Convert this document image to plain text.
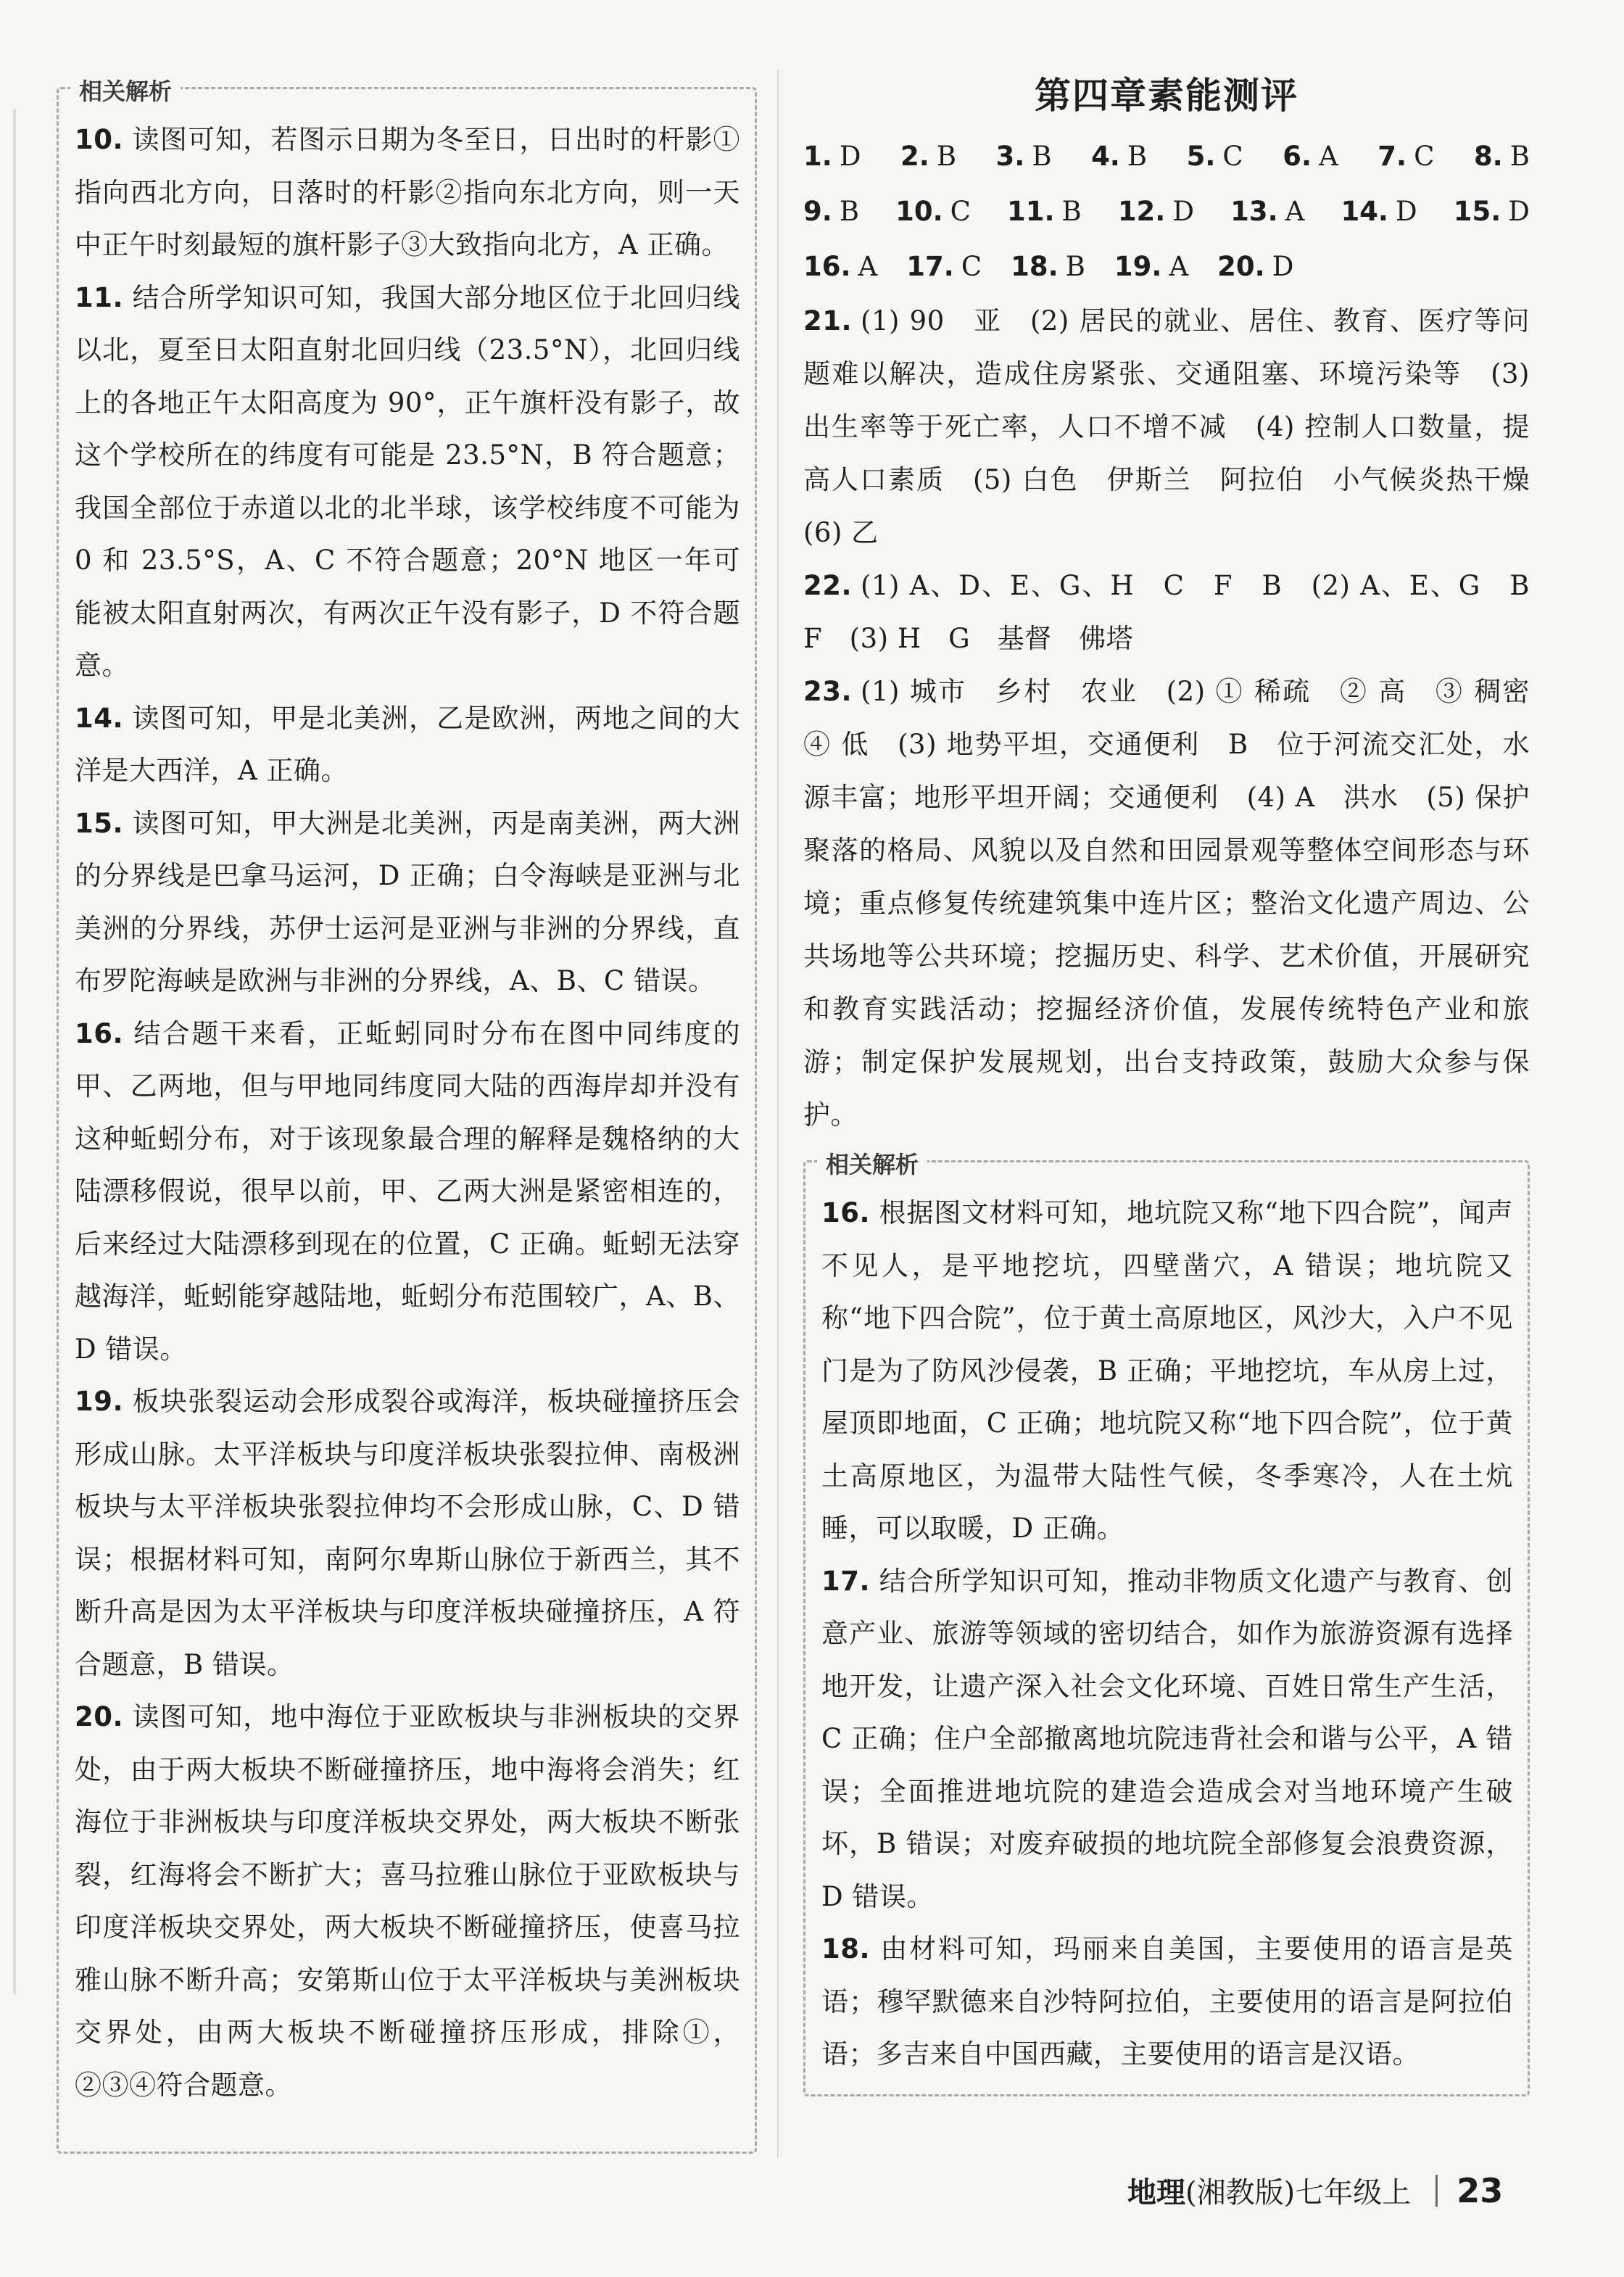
相关解析

10. 读图可知，若图示日期为冬至日，日出时的杆影①指向西北方向，日落时的杆影②指向东北方向，则一天中正午时刻最短的旗杆影子③大致指向北方，A 正确。

11. 结合所学知识可知，我国大部分地区位于北回归线以北，夏至日太阳直射北回归线（23.5°N），北回归线上的各地正午太阳高度为 90°，正午旗杆没有影子，故这个学校所在的纬度有可能是 23.5°N，B 符合题意；我国全部位于赤道以北的北半球，该学校纬度不可能为 0 和 23.5°S，A、C 不符合题意；20°N 地区一年可能被太阳直射两次，有两次正午没有影子，D 不符合题意。

14. 读图可知，甲是北美洲，乙是欧洲，两地之间的大洋是大西洋，A 正确。

15. 读图可知，甲大洲是北美洲，丙是南美洲，两大洲的分界线是巴拿马运河，D 正确；白令海峡是亚洲与北美洲的分界线，苏伊士运河是亚洲与非洲的分界线，直布罗陀海峡是欧洲与非洲的分界线，A、B、C 错误。

16. 结合题干来看，正蚯蚓同时分布在图中同纬度的甲、乙两地，但与甲地同纬度同大陆的西海岸却并没有这种蚯蚓分布，对于该现象最合理的解释是魏格纳的大陆漂移假说，很早以前，甲、乙两大洲是紧密相连的，后来经过大陆漂移到现在的位置，C 正确。蚯蚓无法穿越海洋，蚯蚓能穿越陆地，蚯蚓分布范围较广，A、B、D 错误。

19. 板块张裂运动会形成裂谷或海洋，板块碰撞挤压会形成山脉。太平洋板块与印度洋板块张裂拉伸、南极洲板块与太平洋板块张裂拉伸均不会形成山脉，C、D 错误；根据材料可知，南阿尔卑斯山脉位于新西兰，其不断升高是因为太平洋板块与印度洋板块碰撞挤压，A 符合题意，B 错误。

20. 读图可知，地中海位于亚欧板块与非洲板块的交界处，由于两大板块不断碰撞挤压，地中海将会消失；红海位于非洲板块与印度洋板块交界处，两大板块不断张裂，红海将会不断扩大；喜马拉雅山脉位于亚欧板块与印度洋板块交界处，两大板块不断碰撞挤压，使喜马拉雅山脉不断升高；安第斯山位于太平洋板块与美洲板块交界处，由两大板块不断碰撞挤压形成，排除①，②③④符合题意。

第四章素能测评
1. D 2. B 3. B 4. B 5. C 6. A 7. C 8. B
9. B 10. C 11. B 12. D 13. A 14. D 15. D
16. A 17. C 18. B 19. A 20. D

21. (1) 90　亚　(2) 居民的就业、居住、教育、医疗等问题难以解决，造成住房紧张、交通阻塞、环境污染等　(3) 出生率等于死亡率，人口不增不减　(4) 控制人口数量，提高人口素质　(5) 白色　伊斯兰　阿拉伯　小气候炎热干燥　(6) 乙

22. (1) A、D、E、G、H　C　F　B　(2) A、E、G　B　F　(3) H　G　基督　佛塔

23. (1) 城市　乡村　农业　(2) ① 稀疏　② 高　③ 稠密　④ 低　(3) 地势平坦，交通便利　B　位于河流交汇处，水源丰富；地形平坦开阔；交通便利　(4) A　洪水　(5) 保护聚落的格局、风貌以及自然和田园景观等整体空间形态与环境；重点修复传统建筑集中连片区；整治文化遗产周边、公共场地等公共环境；挖掘历史、科学、艺术价值，开展研究和教育实践活动；挖掘经济价值，发展传统特色产业和旅游；制定保护发展规划，出台支持政策，鼓励大众参与保护。

相关解析

16. 根据图文材料可知，地坑院又称“地下四合院”，闻声不见人，是平地挖坑，四壁凿穴，A 错误；地坑院又称“地下四合院”，位于黄土高原地区，风沙大，入户不见门是为了防风沙侵袭，B 正确；平地挖坑，车从房上过，屋顶即地面，C 正确；地坑院又称“地下四合院”，位于黄土高原地区，为温带大陆性气候，冬季寒冷，人在土炕睡，可以取暖，D 正确。

17. 结合所学知识可知，推动非物质文化遗产与教育、创意产业、旅游等领域的密切结合，如作为旅游资源有选择地开发，让遗产深入社会文化环境、百姓日常生产生活，C 正确；住户全部撤离地坑院违背社会和谐与公平，A 错误；全面推进地坑院的建造会造成会对当地环境产生破坏，B 错误；对废弃破损的地坑院全部修复会浪费资源，D 错误。

18. 由材料可知，玛丽来自美国，主要使用的语言是英语；穆罕默德来自沙特阿拉伯，主要使用的语言是阿拉伯语；多吉来自中国西藏，主要使用的语言是汉语。

地理 (湘教版)七年级上 23
